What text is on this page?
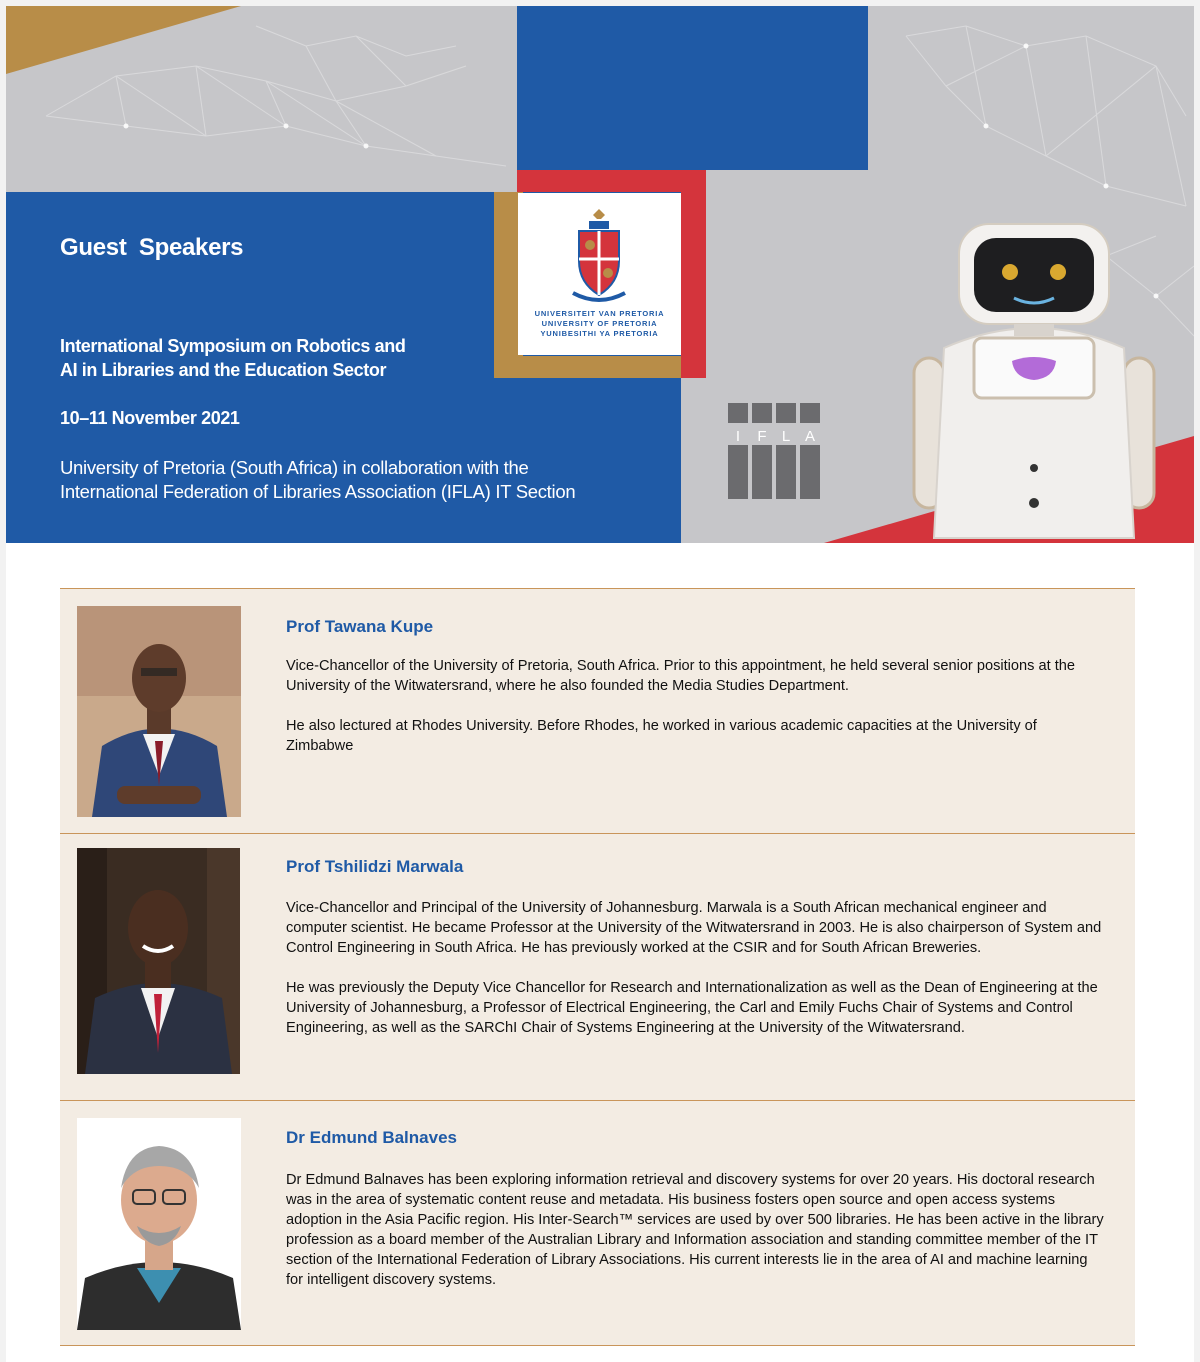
UNIVERSITEIT VAN PRETORIA
UNIVERSITY OF PRETORIA
YUNIBESITHI YA PRETORIA
I F L A
Guest Speakers
International Symposium on Robotics and
AI in Libraries and the Education Sector
10–11 November 2021
University of Pretoria (South Africa) in collaboration with the
International Federation of Libraries Association (IFLA) IT Section
Prof Tawana Kupe

Vice-Chancellor of the University of Pretoria, South Africa. Prior to this appointment, he held several senior positions at the University of the Witwatersrand, where he also founded the Media Studies Department.

He also lectured at Rhodes University. Before Rhodes, he worked in various academic capacities at the University of Zimbabwe

Prof Tshilidzi Marwala

Vice-Chancellor and Principal of the University of Johannesburg. Marwala is a South African mechanical engineer and computer scientist. He became Professor at the University of the Witwatersrand in 2003. He is also chairperson of System and Control Engineering in South Africa. He has previously worked at the CSIR and for South African Breweries.

He was previously the Deputy Vice Chancellor for Research and Internationalization as well as the Dean of Engineering at the University of Johannesburg, a Professor of Electrical Engineering, the Carl and Emily Fuchs Chair of Systems and Control Engineering, as well as the SARChI Chair of Systems Engineering at the University of the Witwatersrand.

Dr Edmund Balnaves

Dr Edmund Balnaves has been exploring information retrieval and discovery systems for over 20 years. His doctoral research was in the area of systematic content reuse and metadata. His business fosters open source and open access systems adoption in the Asia Pacific region. His Inter-Search™ services are used by over 500 libraries. He has been active in the library profession as a board member of the Australian Library and Information association and standing committee member of the IT section of the International Federation of Library Associations. His current interests lie in the area of AI and machine learning for intelligent discovery systems.
